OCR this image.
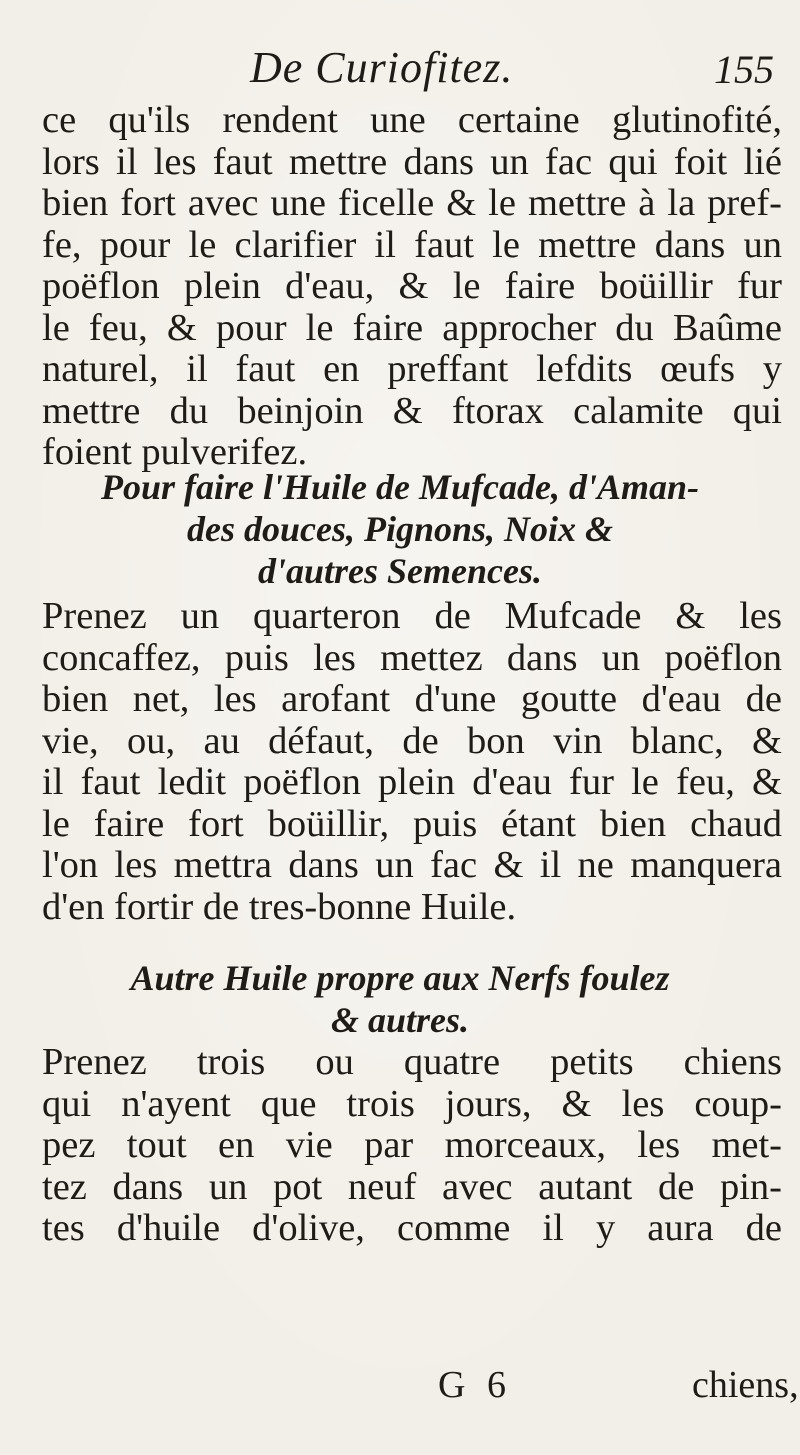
De Curiofitez.	155
ce qu'ils rendent une certaine glutinofité,
lors il les faut mettre dans un fac qui foit lié
bien fort avec une ficelle & le mettre à la pref-
fe, pour le clarifier il faut le mettre dans un
poëflon plein d'eau, & le faire boüillir fur
le feu, & pour le faire approcher du Baûme
naturel, il faut en preffant lefdits œufs y
mettre du beinjoin & ftorax calamite qui
foient pulverifez.
Pour faire l'Huile de Mufcade, d'Aman-
des douces, Pignons, Noix &
d'autres Semences.
Prenez un quarteron de Mufcade & les
concaffez, puis les mettez dans un poëflon
bien net, les arofant d'une goutte d'eau de
vie, ou, au défaut, de bon vin blanc, &
il faut ledit poëflon plein d'eau fur le feu, &
le faire fort boüillir, puis étant bien chaud
l'on les mettra dans un fac & il ne manquera
d'en fortir de tres-bonne Huile.
Autre Huile propre aux Nerfs foulez
& autres.
Prenez trois ou quatre petits chiens
qui n'ayent que trois jours, & les coup-
pez tout en vie par morceaux, les met-
tez dans un pot neuf avec autant de pin-
tes d'huile d'olive, comme il y aura de
G 6	chiens,
